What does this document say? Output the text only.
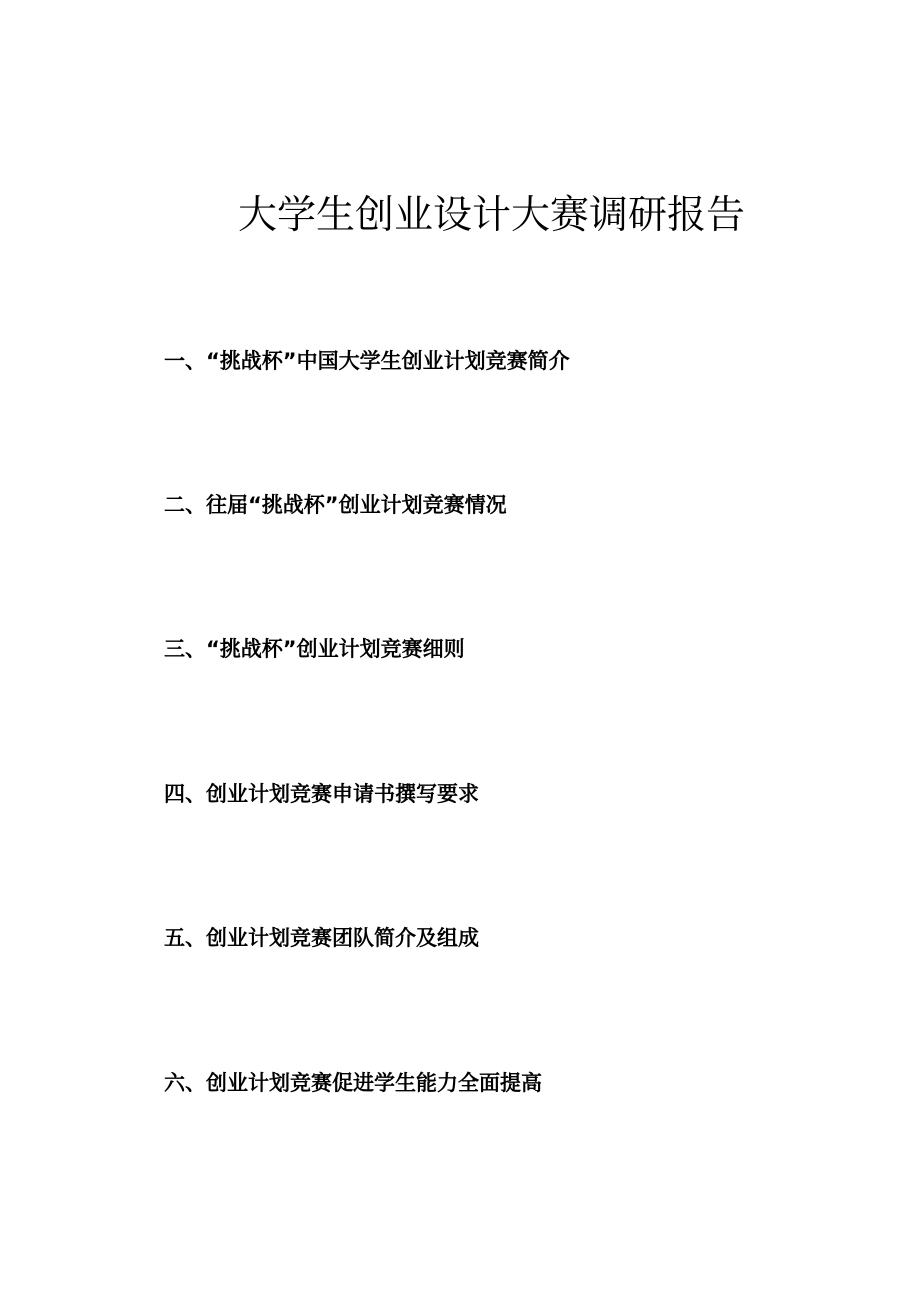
大学生创业设计大赛调研报告
一、“挑战杯”中国大学生创业计划竞赛简介
二、往届“挑战杯”创业计划竞赛情况
三、“挑战杯”创业计划竞赛细则
四、创业计划竞赛申请书撰写要求
五、创业计划竞赛团队简介及组成
六、创业计划竞赛促进学生能力全面提高
